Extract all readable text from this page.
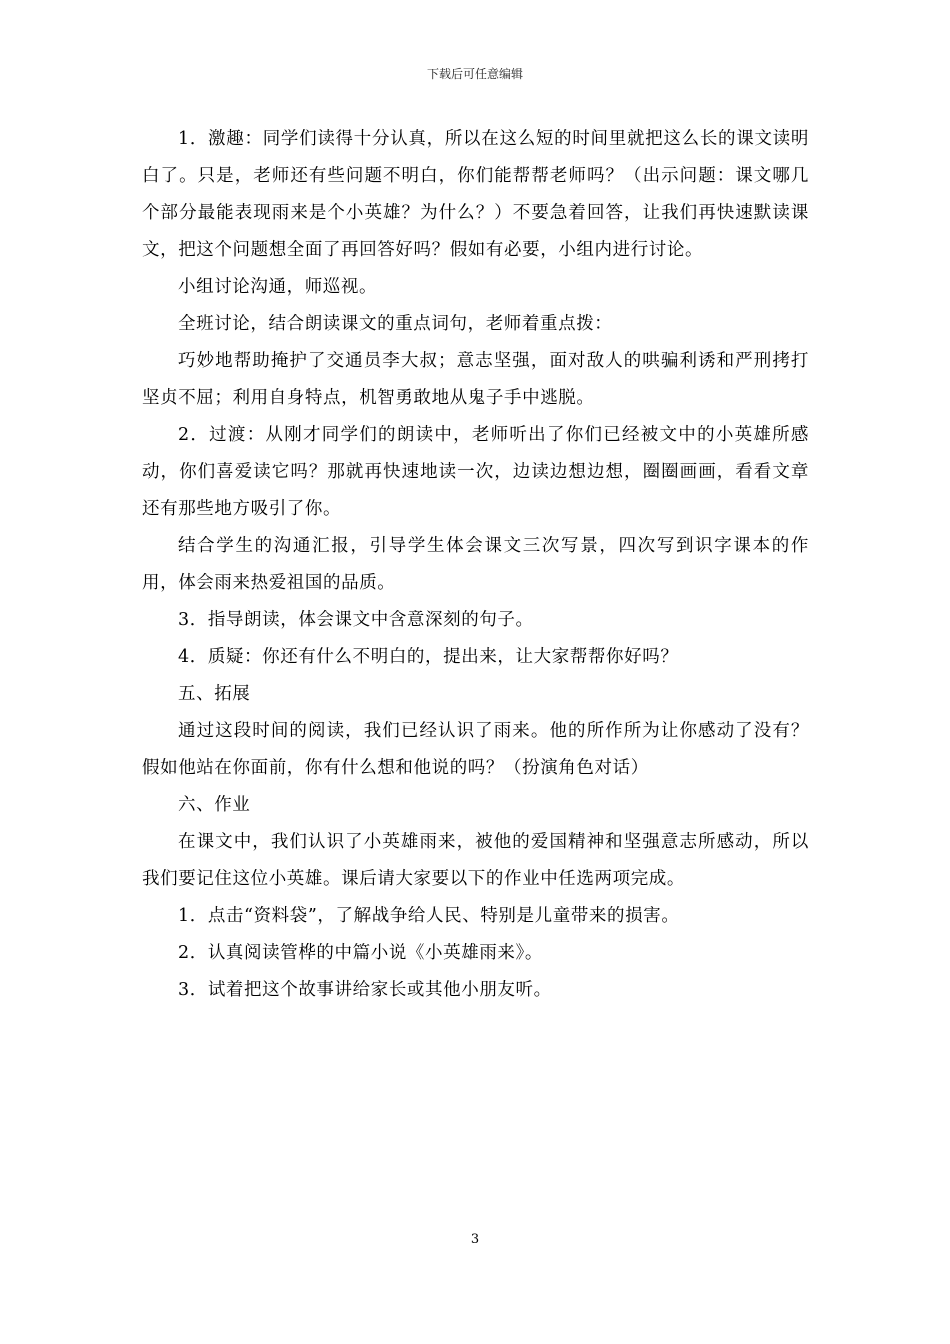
下载后可任意编辑

1．激趣：同学们读得十分认真，所以在这么短的时间里就把这么长的课文读明白了。只是，老师还有些问题不明白，你们能帮帮老师吗？（出示问题：课文哪几个部分最能表现雨来是个小英雄？为什么？）不要急着回答，让我们再快速默读课文，把这个问题想全面了再回答好吗？假如有必要，小组内进行讨论。

小组讨论沟通，师巡视。

全班讨论，结合朗读课文的重点词句，老师着重点拨：

巧妙地帮助掩护了交通员李大叔；意志坚强，面对敌人的哄骗利诱和严刑拷打坚贞不屈；利用自身特点，机智勇敢地从鬼子手中逃脱。

2．过渡：从刚才同学们的朗读中，老师听出了你们已经被文中的小英雄所感动，你们喜爱读它吗？那就再快速地读一次，边读边想边想，圈圈画画，看看文章还有那些地方吸引了你。

结合学生的沟通汇报，引导学生体会课文三次写景，四次写到识字课本的作用，体会雨来热爱祖国的品质。

3．指导朗读，体会课文中含意深刻的句子。

4．质疑：你还有什么不明白的，提出来，让大家帮帮你好吗？

五、拓展

通过这段时间的阅读，我们已经认识了雨来。他的所作所为让你感动了没有？假如他站在你面前，你有什么想和他说的吗？（扮演角色对话）

六、作业

在课文中，我们认识了小英雄雨来，被他的爱国精神和坚强意志所感动，所以我们要记住这位小英雄。课后请大家要以下的作业中任选两项完成。

1．点击“资料袋”，了解战争给人民、特别是儿童带来的损害。

2．认真阅读管桦的中篇小说《小英雄雨来》。

3．试着把这个故事讲给家长或其他小朋友听。

3
